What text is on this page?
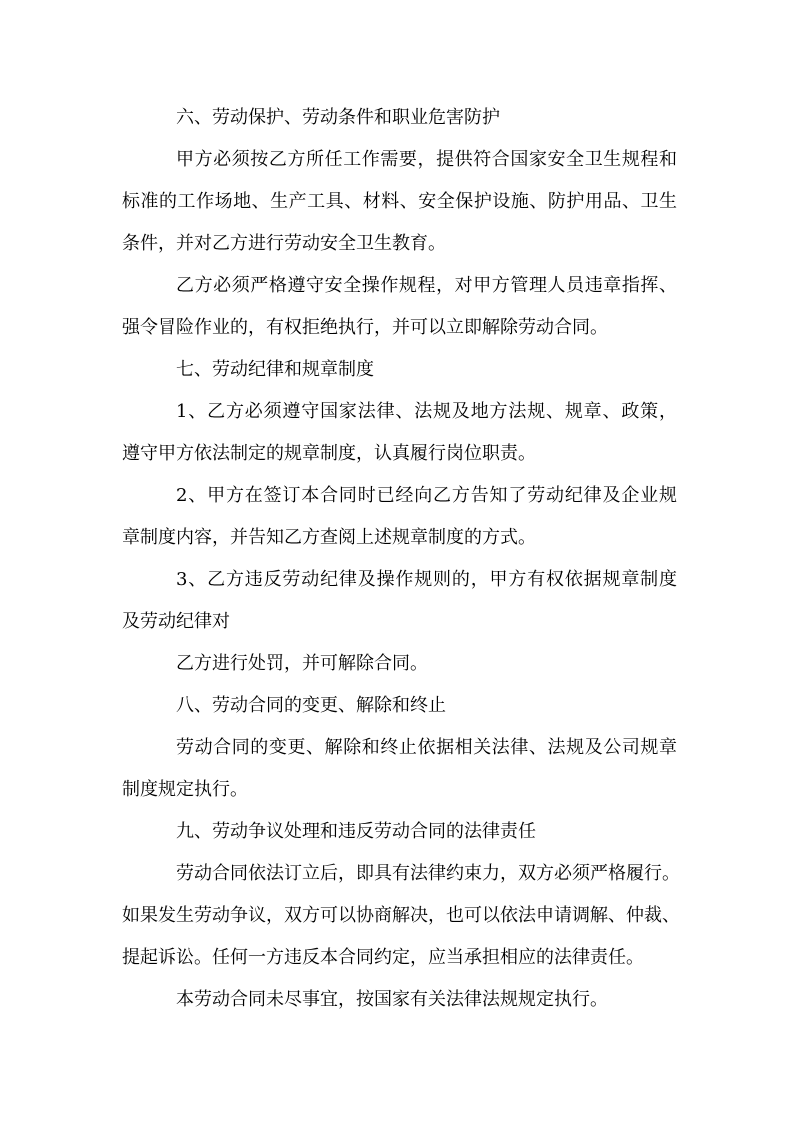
六、劳动保护、劳动条件和职业危害防护
甲方必须按乙方所任工作需要，提供符合国家安全卫生规程和
标准的工作场地、生产工具、材料、安全保护设施、防护用品、卫生
条件，并对乙方进行劳动安全卫生教育。
乙方必须严格遵守安全操作规程，对甲方管理人员违章指挥、
强令冒险作业的，有权拒绝执行，并可以立即解除劳动合同。
七、劳动纪律和规章制度
1、乙方必须遵守国家法律、法规及地方法规、规章、政策，
遵守甲方依法制定的规章制度，认真履行岗位职责。
2、甲方在签订本合同时已经向乙方告知了劳动纪律及企业规
章制度内容，并告知乙方查阅上述规章制度的方式。
3、乙方违反劳动纪律及操作规则的，甲方有权依据规章制度
及劳动纪律对
乙方进行处罚，并可解除合同。
八、劳动合同的变更、解除和终止
劳动合同的变更、解除和终止依据相关法律、法规及公司规章
制度规定执行。
九、劳动争议处理和违反劳动合同的法律责任
劳动合同依法订立后，即具有法律约束力，双方必须严格履行。
如果发生劳动争议，双方可以协商解决，也可以依法申请调解、仲裁、
提起诉讼。任何一方违反本合同约定，应当承担相应的法律责任。
本劳动合同未尽事宜，按国家有关法律法规规定执行。
